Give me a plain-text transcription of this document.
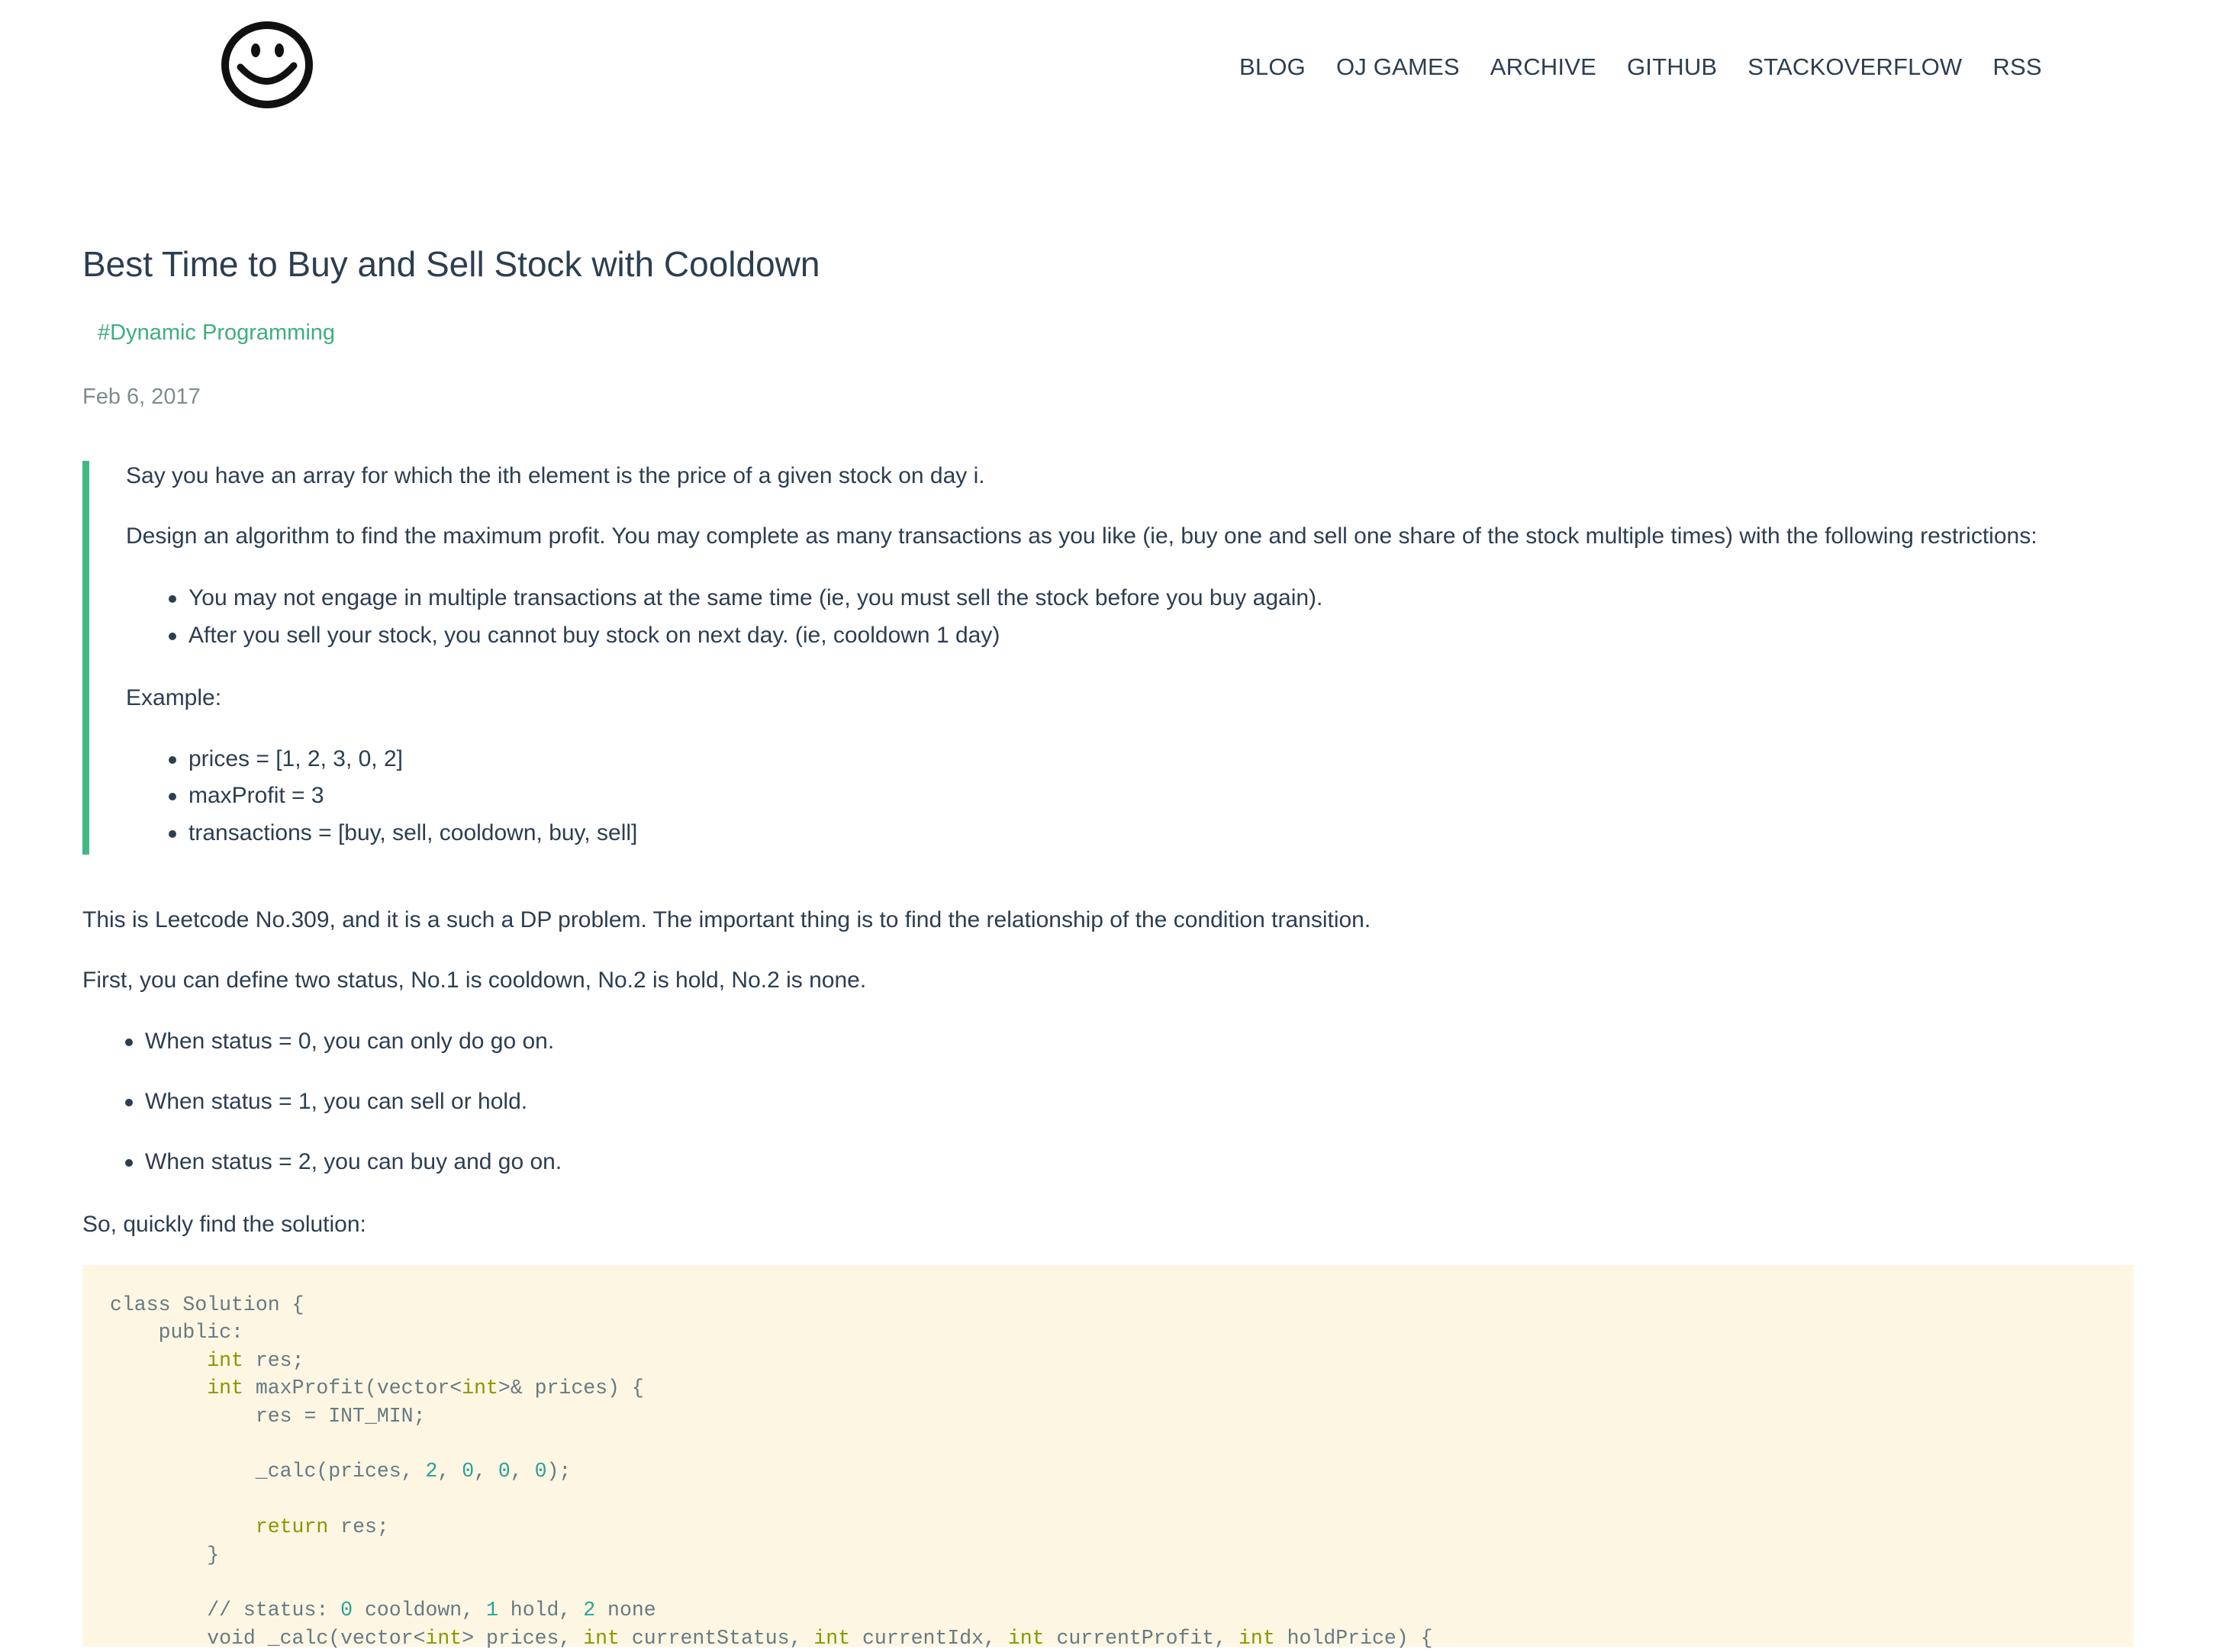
BLOG OJ GAMES ARCHIVE GITHUB STACKOVERFLOW RSS
Best Time to Buy and Sell Stock with Cooldown
#Dynamic Programming
Feb 6, 2017

Say you have an array for which the ith element is the price of a given stock on day i.

Design an algorithm to find the maximum profit. You may complete as many transactions as you like (ie, buy one and sell one share of the stock multiple times) with the following restrictions:

You may not engage in multiple transactions at the same time (ie, you must sell the stock before you buy again).
After you sell your stock, you cannot buy stock on next day. (ie, cooldown 1 day)

Example:

prices = [1, 2, 3, 0, 2]
maxProfit = 3
transactions = [buy, sell, cooldown, buy, sell]

This is Leetcode No.309, and it is a such a DP problem. The important thing is to find the relationship of the condition transition.

First, you can define two status, No.1 is cooldown, No.2 is hold, No.2 is none.

When status = 0, you can only do go on.
When status = 1, you can sell or hold.
When status = 2, you can buy and go on.

So, quickly find the solution:

class Solution {
public:
int res;
int maxProfit(vector<int>& prices) {
res = INT_MIN;

_calc(prices, 2, 0, 0, 0);

return res;
}

// status: 0 cooldown, 1 hold, 2 none
void _calc(vector<int> prices, int currentStatus, int currentIdx, int currentProfit, int holdPrice) {
